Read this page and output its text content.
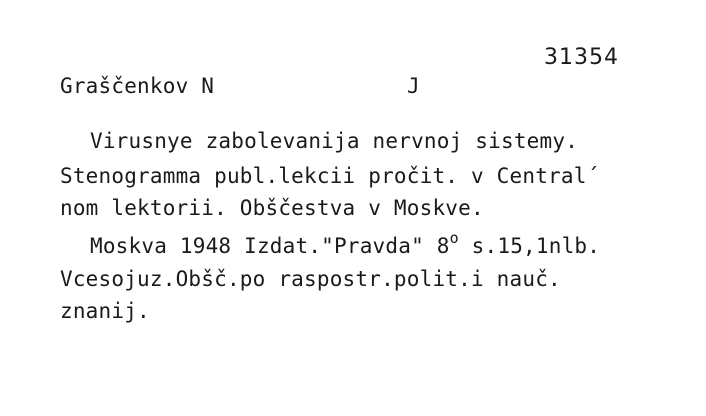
31354
Graščenkov N	J
Virusnye zabolevanija nervnoj sistemy.
Stenogramma publ.lekcii pročit. v Central´
nom lektorii. Obščestva v Moskve.
Moskva 1948 Izdat."Pravda" 8$^o$ s.15,1nlb.
Vcesojuz.Obšč.po raspostr.polit.i nauč.
znanij.
